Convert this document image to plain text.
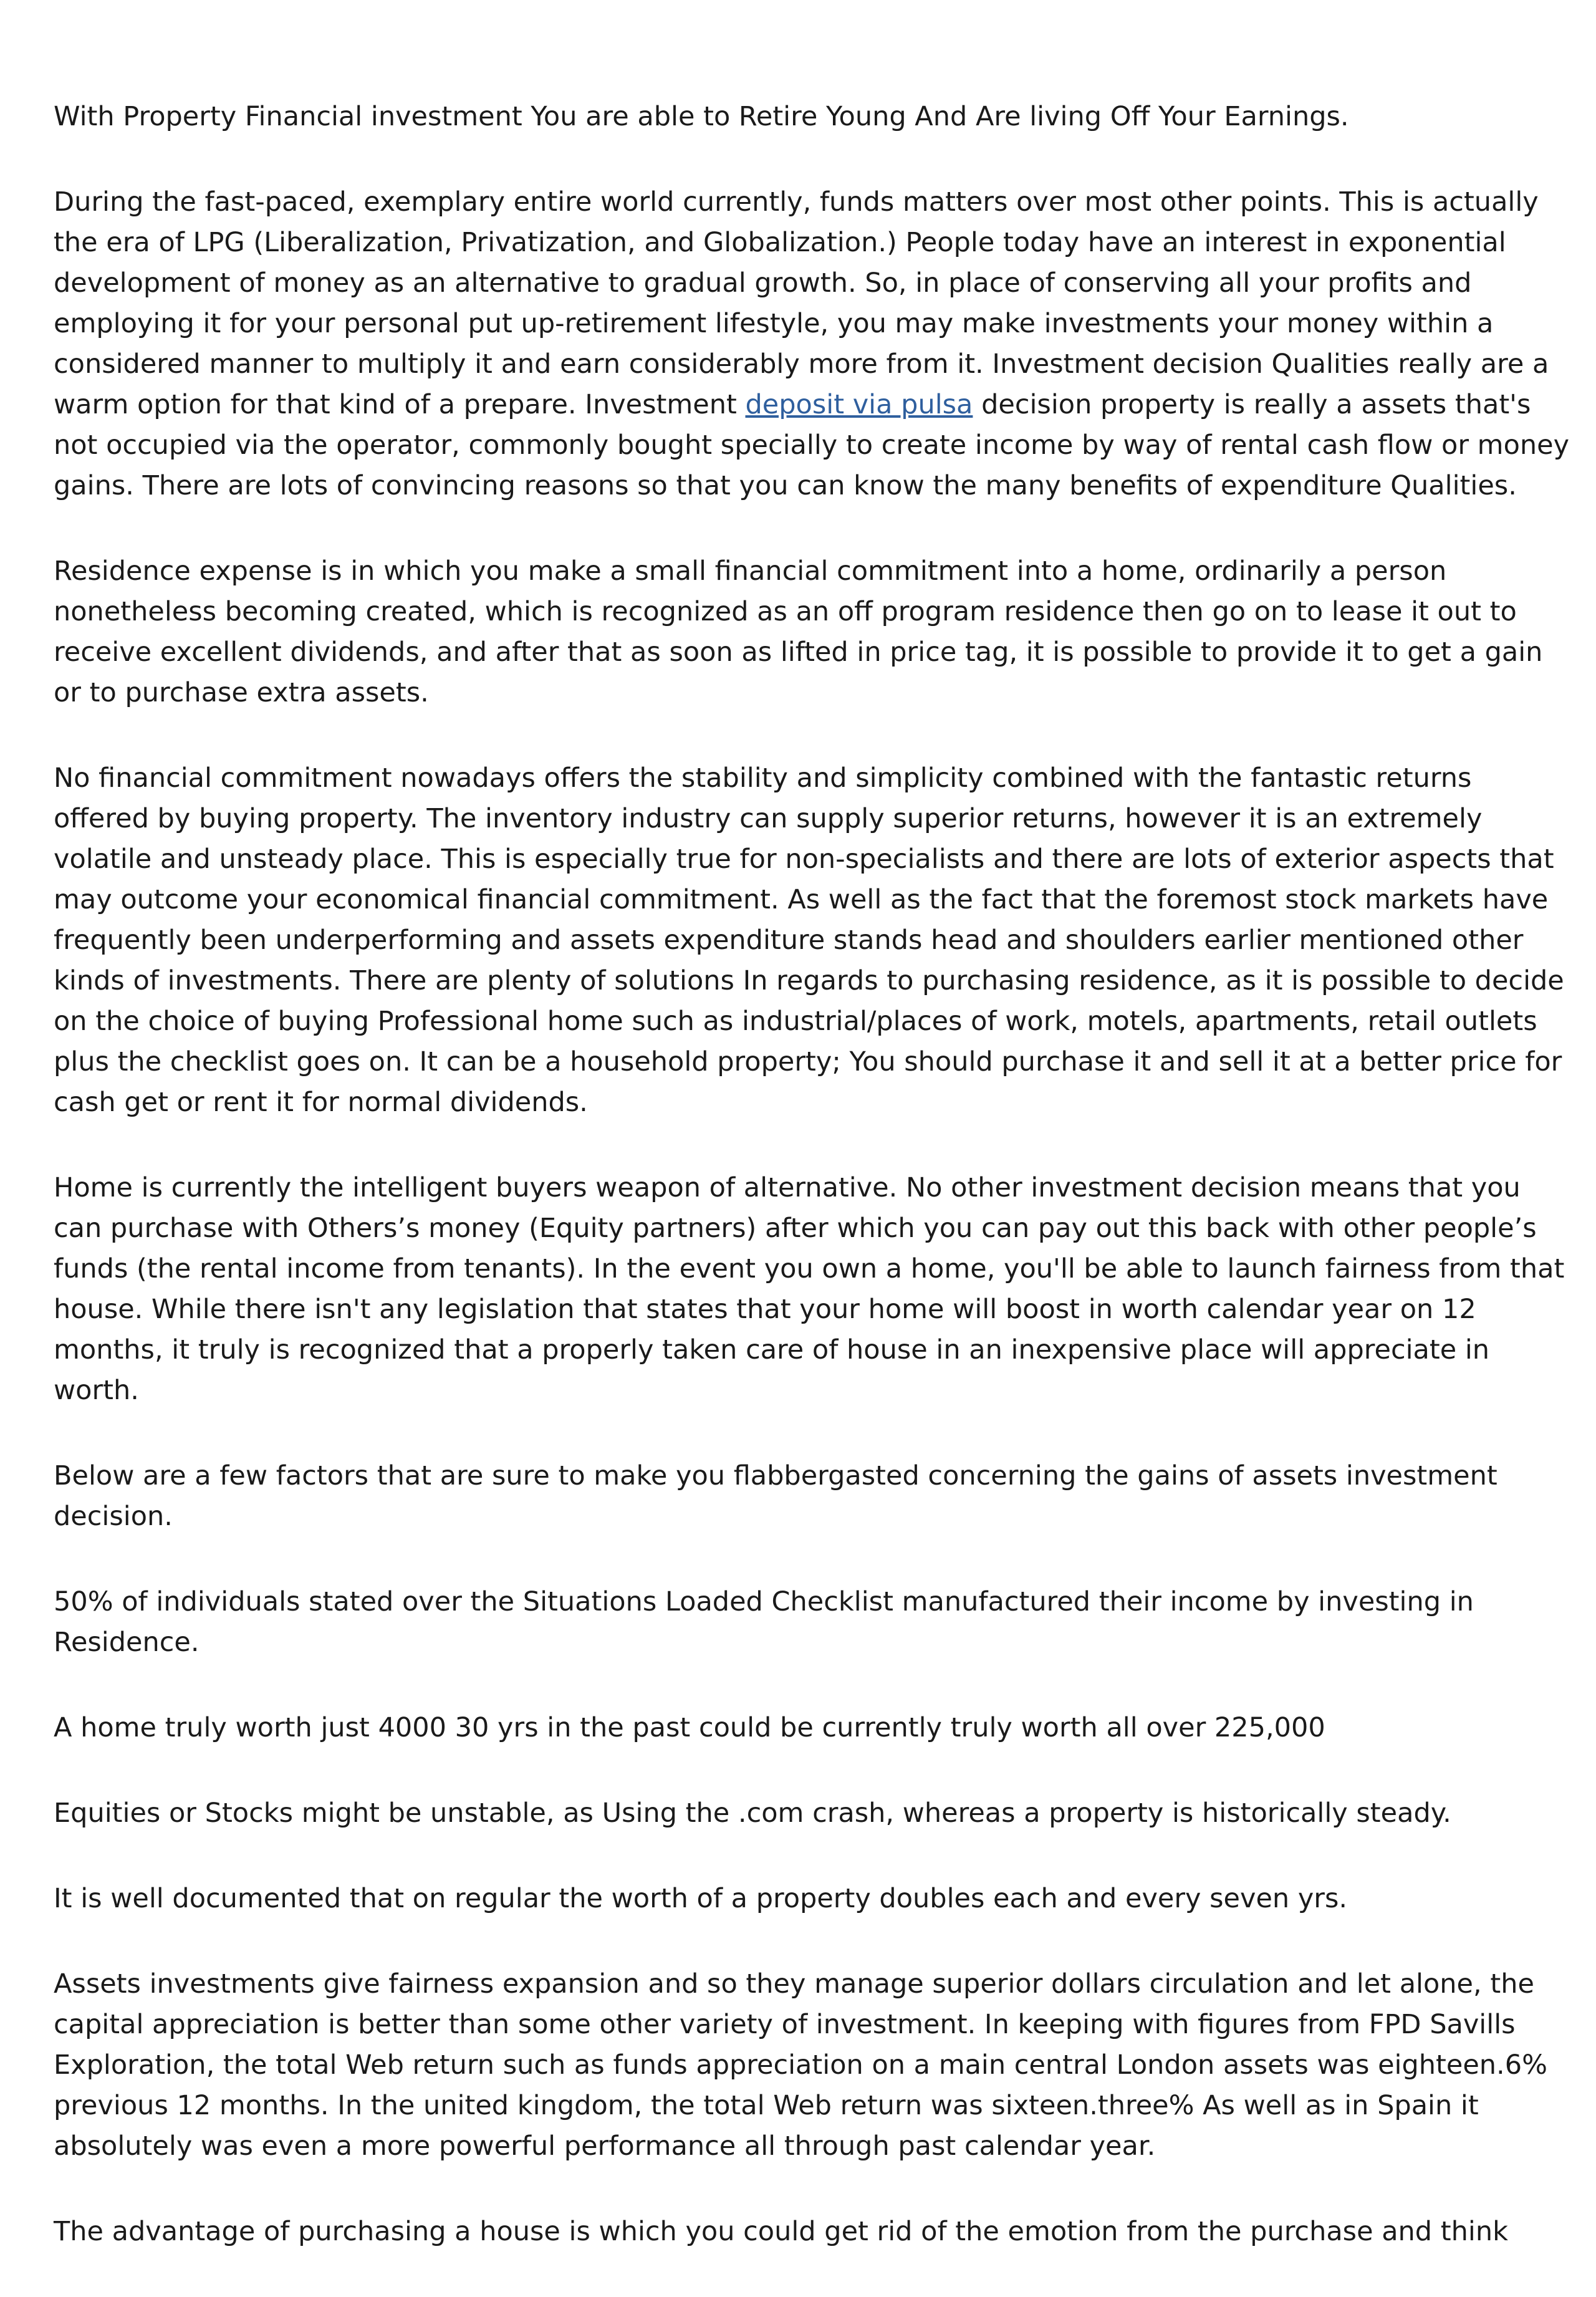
With Property Financial investment You are able to Retire Young And Are living Off Your Earnings.

During the fast-paced, exemplary entire world currently, funds matters over most other points. This is actually the era of LPG (Liberalization, Privatization, and Globalization.) People today have an interest in exponential development of money as an alternative to gradual growth. So, in place of conserving all your profits and employing it for your personal put up-retirement lifestyle, you may make investments your money within a considered manner to multiply it and earn considerably more from it. Investment decision Qualities really are a warm option for that kind of a prepare. Investment deposit via pulsa decision property is really a assets that's not occupied via the operator, commonly bought specially to create income by way of rental cash flow or money gains. There are lots of convincing reasons so that you can know the many benefits of expenditure Qualities.

Residence expense is in which you make a small financial commitment into a home, ordinarily a person nonetheless becoming created, which is recognized as an off program residence then go on to lease it out to receive excellent dividends, and after that as soon as lifted in price tag, it is possible to provide it to get a gain or to purchase extra assets.

No financial commitment nowadays offers the stability and simplicity combined with the fantastic returns offered by buying property. The inventory industry can supply superior returns, however it is an extremely volatile and unsteady place. This is especially true for non-specialists and there are lots of exterior aspects that may outcome your economical financial commitment. As well as the fact that the foremost stock markets have frequently been underperforming and assets expenditure stands head and shoulders earlier mentioned other kinds of investments. There are plenty of solutions In regards to purchasing residence, as it is possible to decide on the choice of buying Professional home such as industrial/places of work, motels, apartments, retail outlets plus the checklist goes on. It can be a household property; You should purchase it and sell it at a better price for cash get or rent it for normal dividends.

Home is currently the intelligent buyers weapon of alternative. No other investment decision means that you can purchase with Others’s money (Equity partners) after which you can pay out this back with other people’s funds (the rental income from tenants). In the event you own a home, you'll be able to launch fairness from that house. While there isn't any legislation that states that your home will boost in worth calendar year on 12 months, it truly is recognized that a properly taken care of house in an inexpensive place will appreciate in worth.

Below are a few factors that are sure to make you flabbergasted concerning the gains of assets investment decision.

50% of individuals stated over the Situations Loaded Checklist manufactured their income by investing in Residence.

A home truly worth just 4000 30 yrs in the past could be currently truly worth all over 225,000

Equities or Stocks might be unstable, as Using the .com crash, whereas a property is historically steady.

It is well documented that on regular the worth of a property doubles each and every seven yrs.

Assets investments give fairness expansion and so they manage superior dollars circulation and let alone, the capital appreciation is better than some other variety of investment. In keeping with figures from FPD Savills Exploration, the total Web return such as funds appreciation on a main central London assets was eighteen.6% previous 12 months. In the united kingdom, the total Web return was sixteen.three% As well as in Spain it absolutely was even a more powerful performance all through past calendar year.

The advantage of purchasing a house is which you could get rid of the emotion from the purchase and think
